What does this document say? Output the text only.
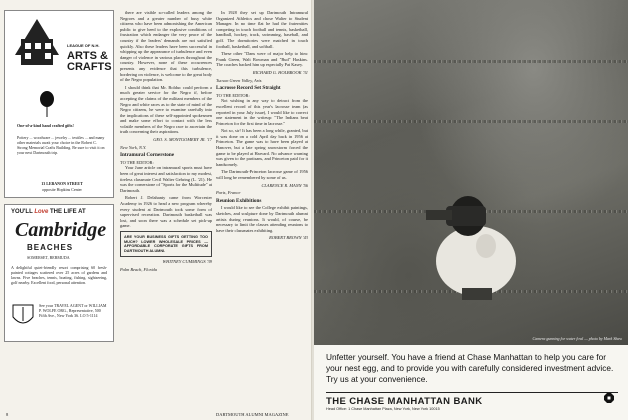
LEAGUE OF N.H.
ARTS & CRAFTS
One-of-a-kind hand crafted gifts!
Pottery ... woodware ... jewelry ... textiles ... and many other materials await your choice in the Robert C. Strong Memorial Crafts Building. Be sure to visit it on your next Dartmouth trip.
13 LEBANON STREET
opposite Hopkins Center
YOU'LL Love THE LIFE AT
Cambridge
BEACHES
SOMERSET, BERMUDA
A delightful quiet-friendly resort comprising 60 fresh-painted cottages scattered over 25 acres of gardens and lawns. Five beaches, tennis, boating, fishing, sightseeing, golf nearby. Excellent food, personal attention.
See your TRAVEL AGENT or WILLIAM P. WOLFE ORG., Representative, 500 Fifth Ave., New York 36. LO 5-1114

there are visible so-called leaders among the Negroes and a greater number of busy white citizens who have been admonishing the American public to give heed to the explosive conditions of frustration which endanger the very peace of the country if the leaders' demands are not satisfied quickly. Also these leaders have been successful in whipping up the appearance of turbulence and even danger of violence in various places throughout the country. However, none of these occurrences presents any evidence that this turbulence, bordering on violence, is welcome to the great body of the Negro population.

I should think that Mr. Bolduc could perform a much greater service for the Negro if, before accepting the claims of the militant members of the Negro and white races as to the state of mind of the Negro citizens, he were to examine carefully into the implications of these self-appointed spokesmen and make some effort to contact with the less volatile members of the Negro race to ascertain the truth concerning their aspirations.

GEO. S. MONTGOMERY JR. '17
New York, N.Y.
Intramural Cornerstone
TO THE EDITOR:

Your June article on intramural sports must have been of great interest and satisfaction to my modest, tireless classmate Cecil Walter Gehring (L. '21). He was the cornerstone of "Sports for the Multitude" at Dartmouth.

Robert J. Delahanty came from Worcester Academy in 1926 to head a new program whereby every student at Dartmouth took some form of supervised recreation. Dartmouth basketball was lost, and soon there was a schedule set pick-up game.

ARE YOUR BUSINESS GIFTS GETTING TOO MUCH? LOWER WHOLESALE PRICES — AFFORDABLE CORPORATE GIFTS FROM DARTMOUTH ALUMNI.
WHITNEY CUMMINGS '39
Palm Beach, Florida
8

In 1928 they set up Dartmouth Intramural Organized Athletics and chose Walter to Student Manager. In no time flat he had the fraternities competing in touch football and tennis, basketball, handball, hockey, track, swimming, baseball, and golf. The dormitories were matched in touch football, basketball, and softball.

These other "Dans were of major help to him: Frank Green, Walt Bowman and "Bud" Haskins. The coaches backed him up especially Pat Kasey.

RICHARD G. HOLBROOK '31
Tucson Green Valley, Ariz.
Lacrosse Record Set Straight
TO THE EDITOR:

Not wishing in any way to detract from the excellent record of this year's lacrosse team (as reported in your July issue), I would like to correct one statement in the writeup: "The Indians beat Princeton for the first time in lacrosse."

Not so, sir! It has been a long while, granted, but it was done on a cold April day back in 1956 at Princeton. The game was to have been played at Hanover, but a late spring snowstorm forced the game to be played at Harvard. No advance warning was given to the partisans, and Princeton paid for it handsomely.

The Dartmouth-Princeton lacrosse game of 1956 will long be remembered by some of us.

CLARENCE R. MANN '56
Paris, France
Reunion Exhibitions

I would like to see the College exhibit paintings, sketches, and sculpture done by Dartmouth alumni artists during reunions. It would, of course, be necessary to limit the classes attending reunions to have their classmates exhibiting.

ROBERT BROWN '43
DARTMOUTH ALUMNI MAGAZINE
Camera gunning for water fowl — photo by Mark Shaw
Unfetter yourself. You have a friend at Chase Manhattan to help you care for your nest egg, and to provide you with carefully considered investment advice. Try us at your convenience.
THE CHASE MANHATTAN BANK
Head Office: 1 Chase Manhattan Plaza, New York, New York 10015
